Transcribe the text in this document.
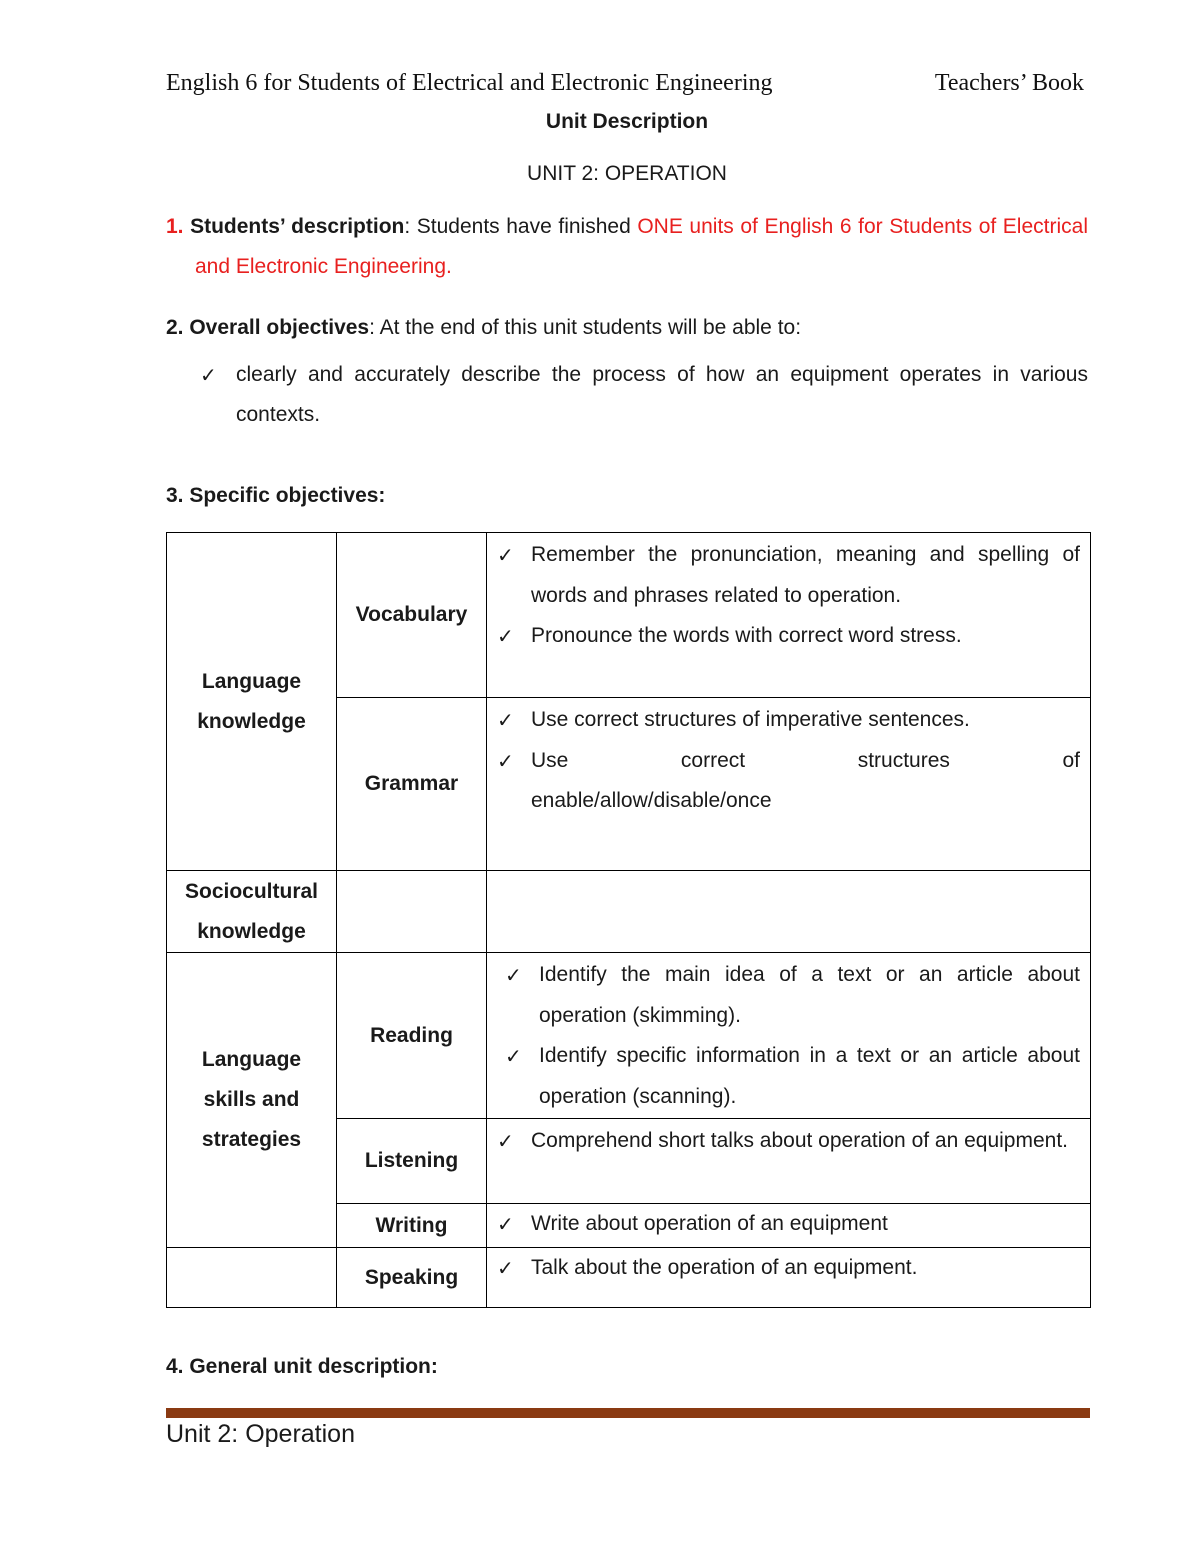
English 6 for Students of Electrical and Electronic Engineering	Teachers’ Book
Unit Description
UNIT 2: OPERATION
1. Students’ description: Students have finished ONE units of English 6 for Students of Electrical and Electronic Engineering.
2. Overall objectives: At the end of this unit students will be able to:
✓ clearly and accurately describe the process of how an equipment operates in various contexts.
3. Specific objectives:
Language knowledge	Vocabulary	✓ Remember the pronunciation, meaning and spelling of words and phrases related to operation.
✓ Pronounce the words with correct word stress.

	Grammar	✓ Use correct structures of imperative sentences.
✓ Use correct structures of
enable/allow/disable/once

Sociocultural knowledge		

Language skills and strategies	Reading	✓ Identify the main idea of a text or an article about operation (skimming).
✓ Identify specific information in a text or an article about operation (scanning).

	Listening	✓ Comprehend short talks about operation of an equipment.

	Writing	✓ Write about operation of an equipment

	Speaking	✓ Talk about the operation of an equipment.
4. General unit description:
Unit 2: Operation
